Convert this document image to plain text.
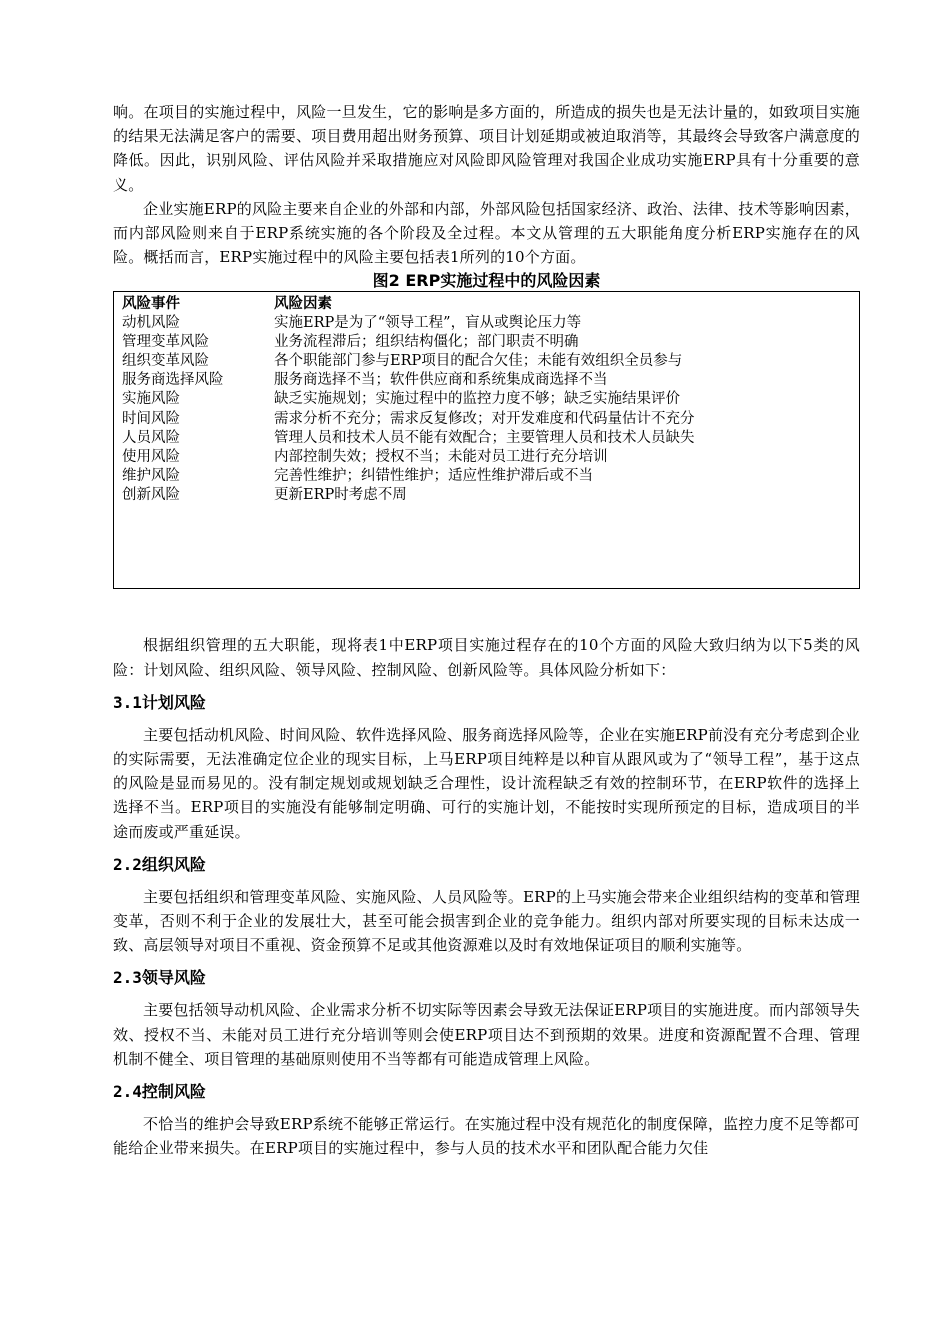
响。在项目的实施过程中，风险一旦发生，它的影响是多方面的，所造成的损失也是无法计量的，如致项目实施的结果无法满足客户的需要、项目费用超出财务预算、项目计划延期或被迫取消等，其最终会导致客户满意度的降低。因此，识别风险、评估风险并采取措施应对风险即风险管理对我国企业成功实施ERP具有十分重要的意义。

企业实施ERP的风险主要来自企业的外部和内部，外部风险包括国家经济、政治、法律、技术等影响因素，而内部风险则来自于ERP系统实施的各个阶段及全过程。本文从管理的五大职能角度分析ERP实施存在的风险。概括而言，ERP实施过程中的风险主要包括表1所列的10个方面。

图2 ERP实施过程中的风险因素

风险事件	风险因素
动机风险	实施ERP是为了“领导工程”，盲从或舆论压力等
管理变革风险	业务流程滞后；组织结构僵化；部门职责不明确
组织变革风险	各个职能部门参与ERP项目的配合欠佳；未能有效组织全员参与
服务商选择风险	服务商选择不当；软件供应商和系统集成商选择不当
实施风险	缺乏实施规划；实施过程中的监控力度不够；缺乏实施结果评价
时间风险	需求分析不充分；需求反复修改；对开发难度和代码量估计不充分
人员风险	管理人员和技术人员不能有效配合；主要管理人员和技术人员缺失
使用风险	内部控制失效；授权不当；未能对员工进行充分培训
维护风险	完善性维护；纠错性维护；适应性维护滞后或不当
创新风险	更新ERP时考虑不周

根据组织管理的五大职能，现将表1中ERP项目实施过程存在的10个方面的风险大致归纳为以下5类的风险：计划风险、组织风险、领导风险、控制风险、创新风险等。具体风险分析如下：

3.1计划风险

主要包括动机风险、时间风险、软件选择风险、服务商选择风险等，企业在实施ERP前没有充分考虑到企业的实际需要，无法准确定位企业的现实目标，上马ERP项目纯粹是以种盲从跟风或为了“领导工程”，基于这点的风险是显而易见的。没有制定规划或规划缺乏合理性，设计流程缺乏有效的控制环节，在ERP软件的选择上选择不当。ERP项目的实施没有能够制定明确、可行的实施计划，不能按时实现所预定的目标，造成项目的半途而废或严重延误。

2.2组织风险

主要包括组织和管理变革风险、实施风险、人员风险等。ERP的上马实施会带来企业组织结构的变革和管理变革，否则不利于企业的发展壮大，甚至可能会损害到企业的竞争能力。组织内部对所要实现的目标未达成一致、高层领导对项目不重视、资金预算不足或其他资源难以及时有效地保证项目的顺利实施等。

2.3领导风险

主要包括领导动机风险、企业需求分析不切实际等因素会导致无法保证ERP项目的实施进度。而内部领导失效、授权不当、未能对员工进行充分培训等则会使ERP项目达不到预期的效果。进度和资源配置不合理、管理机制不健全、项目管理的基础原则使用不当等都有可能造成管理上风险。

2.4控制风险

不恰当的维护会导致ERP系统不能够正常运行。在实施过程中没有规范化的制度保障，监控力度不足等都可能给企业带来损失。在ERP项目的实施过程中，参与人员的技术水平和团队配合能力欠佳
